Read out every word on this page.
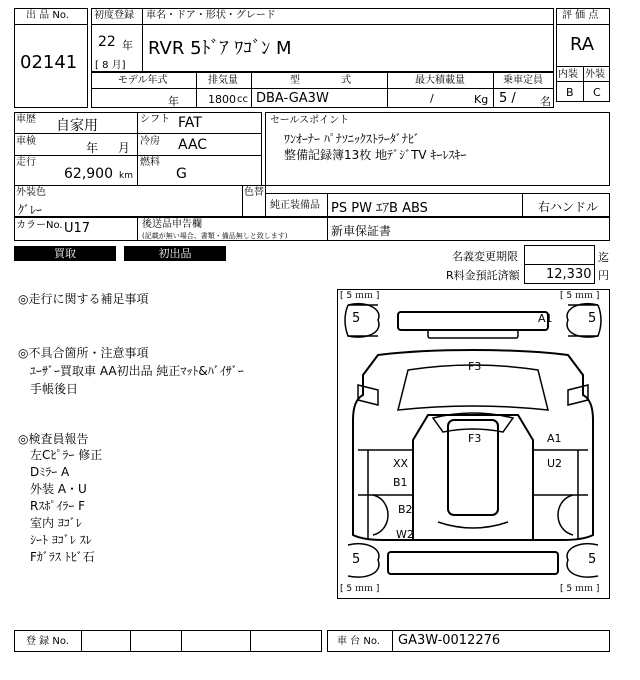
出 品 No.
02141
初度登録 車名・ドア・形状・グレード
22 年
[ 8 月]
RVR 5ﾄﾞｱ ﾜｺﾞﾝ M
評 価 点
RA
内装 外装
B C
モデル年式	排気量	型 式	最大積載量	乗車定員
年	1800 cc DBA-GA3W	/	Kg 5 / 名
車歴 自家用	シフト FAT
車検	年 月 冷房 AAC
走行
62,900 km
燃料
G
セールスポイント
ﾜﾝｵｰﾅｰ ﾊﾟﾅｿﾆｯｸｽﾄﾗｰﾀﾞﾅﾋﾞ
整備記録簿13枚 地ﾃﾞｼﾞTV ｷｰﾚｽｷｰ
外装色
ｸﾞﾚｰ
色替
純正装備品 PS PW ｴｱB ABS	右ハンドル
カラーNo. U17	後送品申告欄
(記載が無い場合、書類・備品無しと致します)	新車保証書
買取	初出品	名義変更期限	迄
R料金預託済額 12,330 円
◎走行に関する補足事項
◎不具合箇所・注意事項
ﾕｰｻﾞｰ買取車 AA初出品 純正ﾏｯﾄ&ﾊﾞｲｻﾞｰ
手帳後日
◎検査員報告
左Cﾋﾟﾗｰ 修正
Dﾐﾗｰ A
外装 A・U
Rｽﾎﾟｲﾗｰ F
室内 ﾖｺﾞﾚ
ｼｰﾄ ﾖｺﾞﾚ ｽﾚ
Fｶﾞﾗｽ ﾄﾋﾞ石
[ 5 ｍｍ ]	[ 5 ｍｍ ]
[ 5 ｍｍ ]	[ 5 ｍｍ ]
5	5
5	5
A1
F3
F3	A1
U2
XX
B1
B2
W2
登 録 No.	車 台 No. GA3W-0012276
